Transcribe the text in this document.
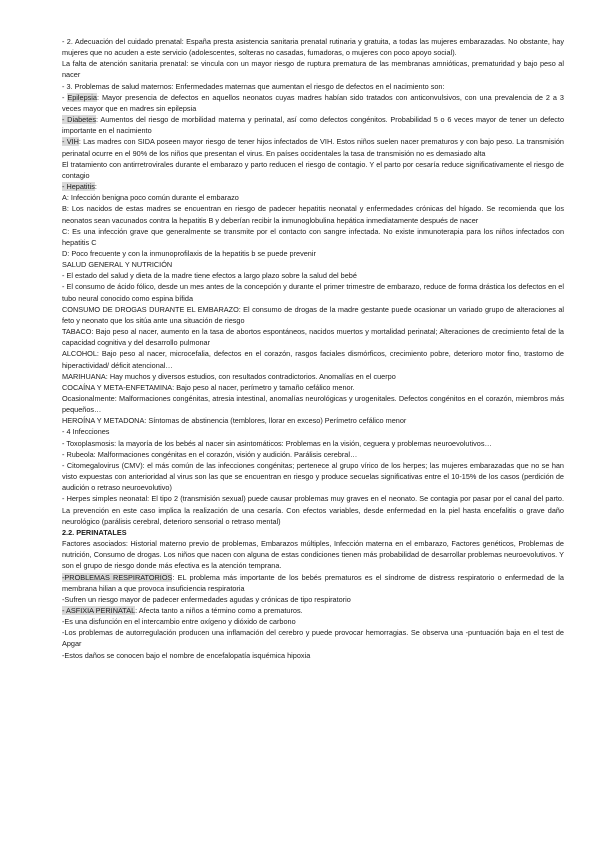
- 2. Adecuación del cuidado prenatal: España presta asistencia sanitaria prenatal rutinaria y gratuita, a todas las mujeres embarazadas. No obstante, hay mujeres que no acuden a este servicio (adolescentes, solteras no casadas, fumadoras, o mujeres con poco apoyo social).

La falta de atención sanitaria prenatal: se vincula con un mayor riesgo de ruptura prematura de las membranas amnióticas, prematuridad y bajo peso al nacer

- 3. Problemas de salud maternos: Enfermedades maternas que aumentan el riesgo de defectos en el nacimiento son:

- Epilepsia: Mayor presencia de defectos en aquellos neonatos cuyas madres habían sido tratados con anticonvulsivos, con una prevalencia de 2 a 3 veces mayor que en madres sin epilepsia

- Diabetes: Aumentos del riesgo de morbilidad materna y perinatal, así como defectos congénitos. Probabilidad 5 o 6 veces mayor de tener un defecto importante en el nacimiento

- VIH: Las madres con SIDA poseen mayor riesgo de tener hijos infectados de VIH. Estos niños suelen nacer prematuros y con bajo peso. La transmisión perinatal ocurre en el 90% de los niños que presentan el virus. En países occidentales la tasa de transmisión no es demasiado alta

El tratamiento con antirretrovirales durante el embarazo y parto reducen el riesgo de contagio. Y el parto por cesaría reduce significativamente el riesgo de contagio

- Hepatitis:

A: Infección benigna poco común durante el embarazo

B: Los nacidos de estas madres se encuentran en riesgo de padecer hepatitis neonatal y enfermedades crónicas del hígado. Se recomienda que los neonatos sean vacunados contra la hepatitis B y deberían recibir la inmunoglobulina hepática inmediatamente después de nacer

C: Es una infección grave que generalmente se transmite por el contacto con sangre infectada. No existe inmunoterapia para los niños infectados con hepatitis C

D: Poco frecuente y con la inmunoprofilaxis de la hepatitis b se puede prevenir

SALUD GENERAL Y NUTRICIÓN

- El estado del salud y dieta de la madre tiene efectos a largo plazo sobre la salud del bebé

- El consumo de ácido fólico, desde un mes antes de la concepción y durante el primer trimestre de embarazo, reduce de forma drástica los defectos en el tubo neural conocido como espina bífida

CONSUMO DE DROGAS DURANTE EL EMBARAZO: El consumo de drogas de la madre gestante puede ocasionar un variado grupo de alteraciones al feto y neonato que los sitúa ante una situación de riesgo

TABACO: Bajo peso al nacer, aumento en la tasa de abortos espontáneos, nacidos muertos y mortalidad perinatal; Alteraciones de crecimiento fetal de la capacidad cognitiva y del desarrollo pulmonar

ALCOHOL: Bajo peso al nacer, microcefalia, defectos en el corazón, rasgos faciales dismórficos, crecimiento pobre, deterioro motor fino, trastorno de hiperactividad/ déficit atencional…

MARIHUANA: Hay muchos y diversos estudios, con resultados contradictorios. Anomalías en el cuerpo

COCAÍNA Y META-ENFETAMINA: Bajo peso al nacer, perímetro y tamaño cefálico menor.

Ocasionalmente: Malformaciones congénitas, atresia intestinal, anomalías neurológicas y urogenitales. Defectos congénitos en el corazón, miembros más pequeños…

HEROÍNA Y METADONA: Síntomas de abstinencia (temblores, llorar en exceso) Perímetro cefálico menor

- 4 Infecciones

- Toxoplasmosis: la mayoría de los bebés al nacer sin asintomáticos: Problemas en la visión, ceguera y problemas neuroevolutivos…

- Rubeola: Malformaciones congénitas en el corazón, visión y audición. Parálisis cerebral…

- Citomegalovirus (CMV): el más común de las infecciones congénitas; pertenece al grupo vírico de los herpes; las mujeres embarazadas que no se han visto expuestas con anterioridad al virus son las que se encuentran en riesgo y produce secuelas significativas entre el 10-15% de los casos (perdición de audición o retraso neuroevolutivo)

- Herpes simples neonatal: El tipo 2 (transmisión sexual) puede causar problemas muy graves en el neonato. Se contagia por pasar por el canal del parto. La prevención en este caso implica la realización de una cesaría. Con efectos variables, desde enfermedad en la piel hasta encefalitis o grave daño neurológico (parálisis cerebral, deterioro sensorial o retraso mental)

2.2. PERINATALES

Factores asociados: Historial materno previo de problemas, Embarazos múltiples, Infección materna en el embarazo, Factores genéticos, Problemas de nutrición, Consumo de drogas. Los niños que nacen con alguna de estas condiciones tienen más probabilidad de desarrollar problemas neuroevolutivos. Y son el grupo de riesgo donde más efectiva es la atención temprana.

-PROBLEMAS RESPIRATORIOS: EL problema más importante de los bebés prematuros es el síndrome de distress respiratorio o enfermedad de la membrana hilian a que provoca insuficiencia respiratoria

-Sufren un riesgo mayor de padecer enfermedades agudas y crónicas de tipo respiratorio

- ASFIXIA PERINATAL: Afecta tanto a niños a término como a prematuros.

-Es una disfunción en el intercambio entre oxígeno y dióxido de carbono

-Los problemas de autorregulación producen una inflamación del cerebro y puede provocar hemorragias. Se observa una -puntuación baja en el test de Apgar

-Estos daños se conocen bajo el nombre de encefalopatía isquémica hipoxia
